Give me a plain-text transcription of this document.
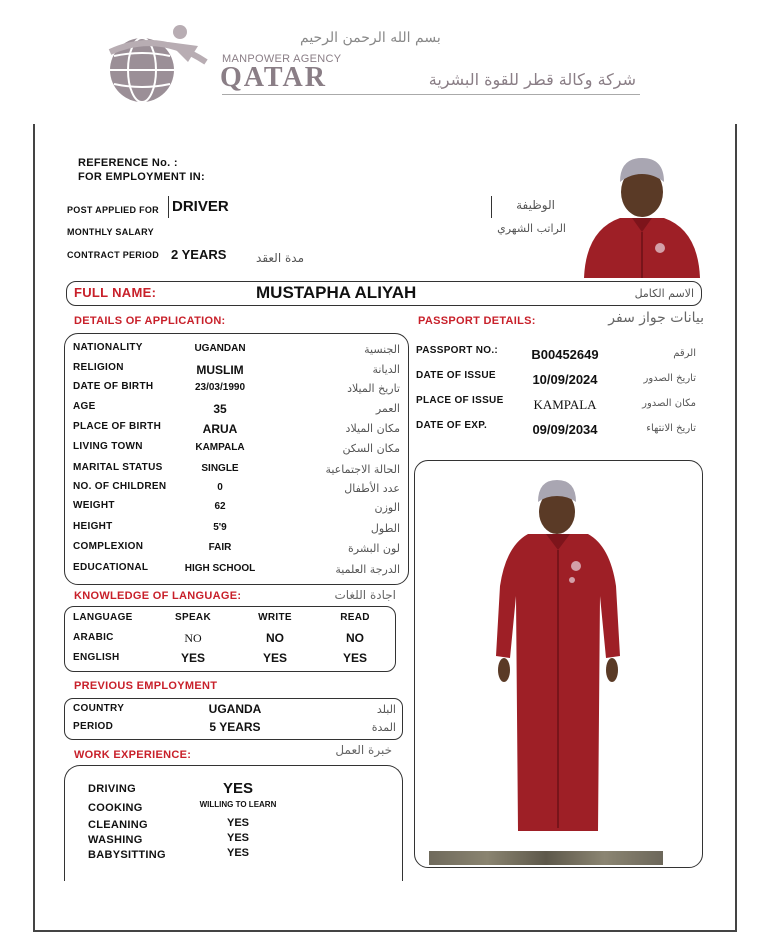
بسم الله الرحمن الرحيم
MANPOWER AGENCY
QATAR	شركة وكالة قطر للقوة البشرية
REFERENCE No. :
FOR EMPLOYMENT IN:
POST APPLIED FOR DRIVER	الوظيفة
MONTHLY SALARY	الراتب الشهري
CONTRACT PERIOD 2 YEARS	مدة العقد
FULL NAME:	MUSTAPHA ALIYAH	الاسم الكامل
DETAILS OF APPLICATION:
NATIONALITY	UGANDAN	الجنسية
RELIGION	MUSLIM	الديانة
DATE OF BIRTH	23/03/1990	تاريخ الميلاد
AGE	35	العمر
PLACE OF BIRTH	ARUA	مكان الميلاد
LIVING TOWN	KAMPALA	مكان السكن
MARITAL STATUS	SINGLE	الحالة الاجتماعية
NO. OF CHILDREN	0	عدد الأطفال
WEIGHT	62	الوزن
HEIGHT	5'9	الطول
COMPLEXION	FAIR	لون البشرة
EDUCATIONAL	HIGH SCHOOL	الدرجة العلمية
PASSPORT DETAILS:	بيانات جواز سفر
PASSPORT NO.:	B00452649	الرقم
DATE OF ISSUE	10/09/2024	تاريخ الصدور
PLACE OF ISSUE	KAMPALA	مكان الصدور
DATE OF EXP.	09/09/2034	تاريخ الانتهاء
KNOWLEDGE OF LANGUAGE:	اجادة اللغات
LANGUAGE	SPEAK	WRITE	READ
ARABIC	NO	NO	NO
ENGLISH	YES	YES	YES
PREVIOUS EMPLOYMENT
COUNTRY	UGANDA	البلد
PERIOD	5 YEARS	المدة
WORK EXPERIENCE:	خبرة العمل
DRIVING	YES
COOKING	WILLING TO LEARN
CLEANING	YES
WASHING	YES
BABYSITTING	YES
